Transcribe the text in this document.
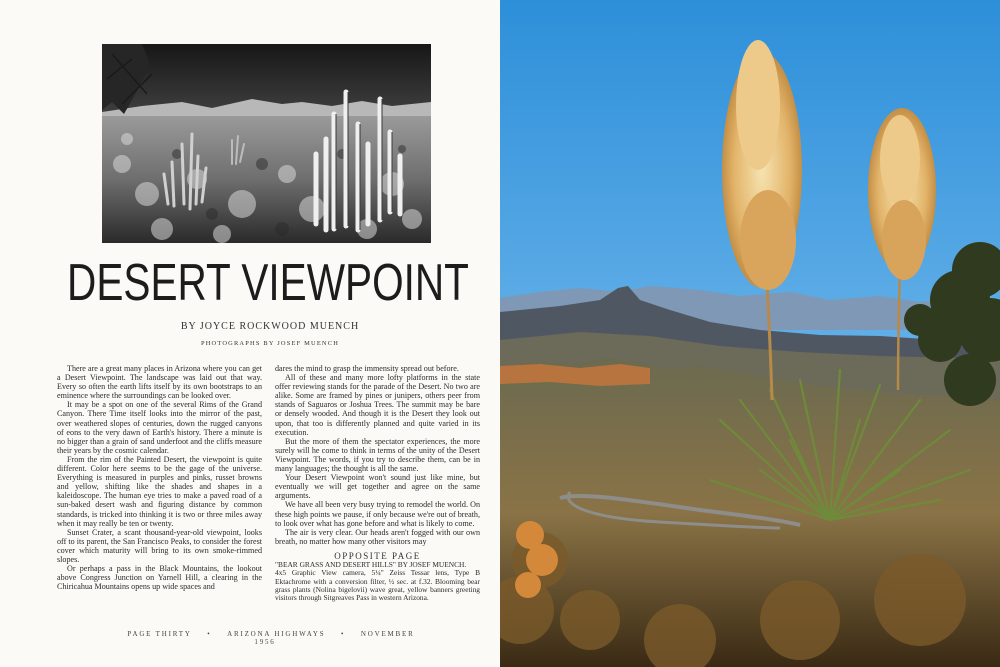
DESERT VIEWPOINT
BY JOYCE ROCKWOOD MUENCH
PHOTOGRAPHS BY JOSEF MUENCH

There are a great many places in Arizona where you can get a Desert Viewpoint. The landscape was laid out that way. Every so often the earth lifts itself by its own bootstraps to an eminence where the surroundings can be looked over.

It may be a spot on one of the several Rims of the Grand Canyon. There Time itself looks into the mirror of the past, over weathered slopes of centuries, down the rugged canyons of eons to the very dawn of Earth's history. There a minute is no bigger than a grain of sand underfoot and the cliffs measure their years by the cosmic calendar.

From the rim of the Painted Desert, the viewpoint is quite different. Color here seems to be the gage of the universe. Everything is measured in purples and pinks, russet browns and yellow, shifting like the shades and shapes in a kaleidoscope. The human eye tries to make a paved road of a sun-baked desert wash and figuring distance by common standards, is tricked into thinking it is two or three miles away when it may really be ten or twenty.

Sunset Crater, a scant thousand-year-old viewpoint, looks off to its parent, the San Francisco Peaks, to consider the forest cover which maturity will bring to its own smoke-rimmed slopes.

Or perhaps a pass in the Black Mountains, the lookout above Congress Junction on Yarnell Hill, a clearing in the Chiricahua Mountains opens up wide spaces and

dares the mind to grasp the immensity spread out before.

All of these and many more lofty platforms in the state offer reviewing stands for the parade of the Desert. No two are alike. Some are framed by pines or junipers, others peer from stands of Saguaros or Joshua Trees. The summit may be bare or densely wooded. And though it is the Desert they look out upon, that too is differently planned and quite varied in its execution.

But the more of them the spectator experiences, the more surely will he come to think in terms of the unity of the Desert Viewpoint. The words, if you try to describe them, can be in many languages; the thought is all the same.

Your Desert Viewpoint won't sound just like mine, but eventually we will get together and agree on the same arguments.

We have all been very busy trying to remodel the world. On these high points we pause, if only because we're out of breath, to look over what has gone before and what is likely to come.

The air is very clear. Our heads aren't fogged with our own breath, no matter how many other visitors may

OPPOSITE PAGE

"BEAR GRASS AND DESERT HILLS" BY JOSEF MUENCH.

4x5 Graphic View camera, 5¼" Zeiss Tessar lens, Type B Ektachrome with a conversion filter, ½ sec. at f.32. Blooming bear grass plants (Nolina bigelovii) wave great, yellow banners greeting visitors through Sitgreaves Pass in western Arizona.

PAGE THIRTY • ARIZONA HIGHWAYS • NOVEMBER 1956
